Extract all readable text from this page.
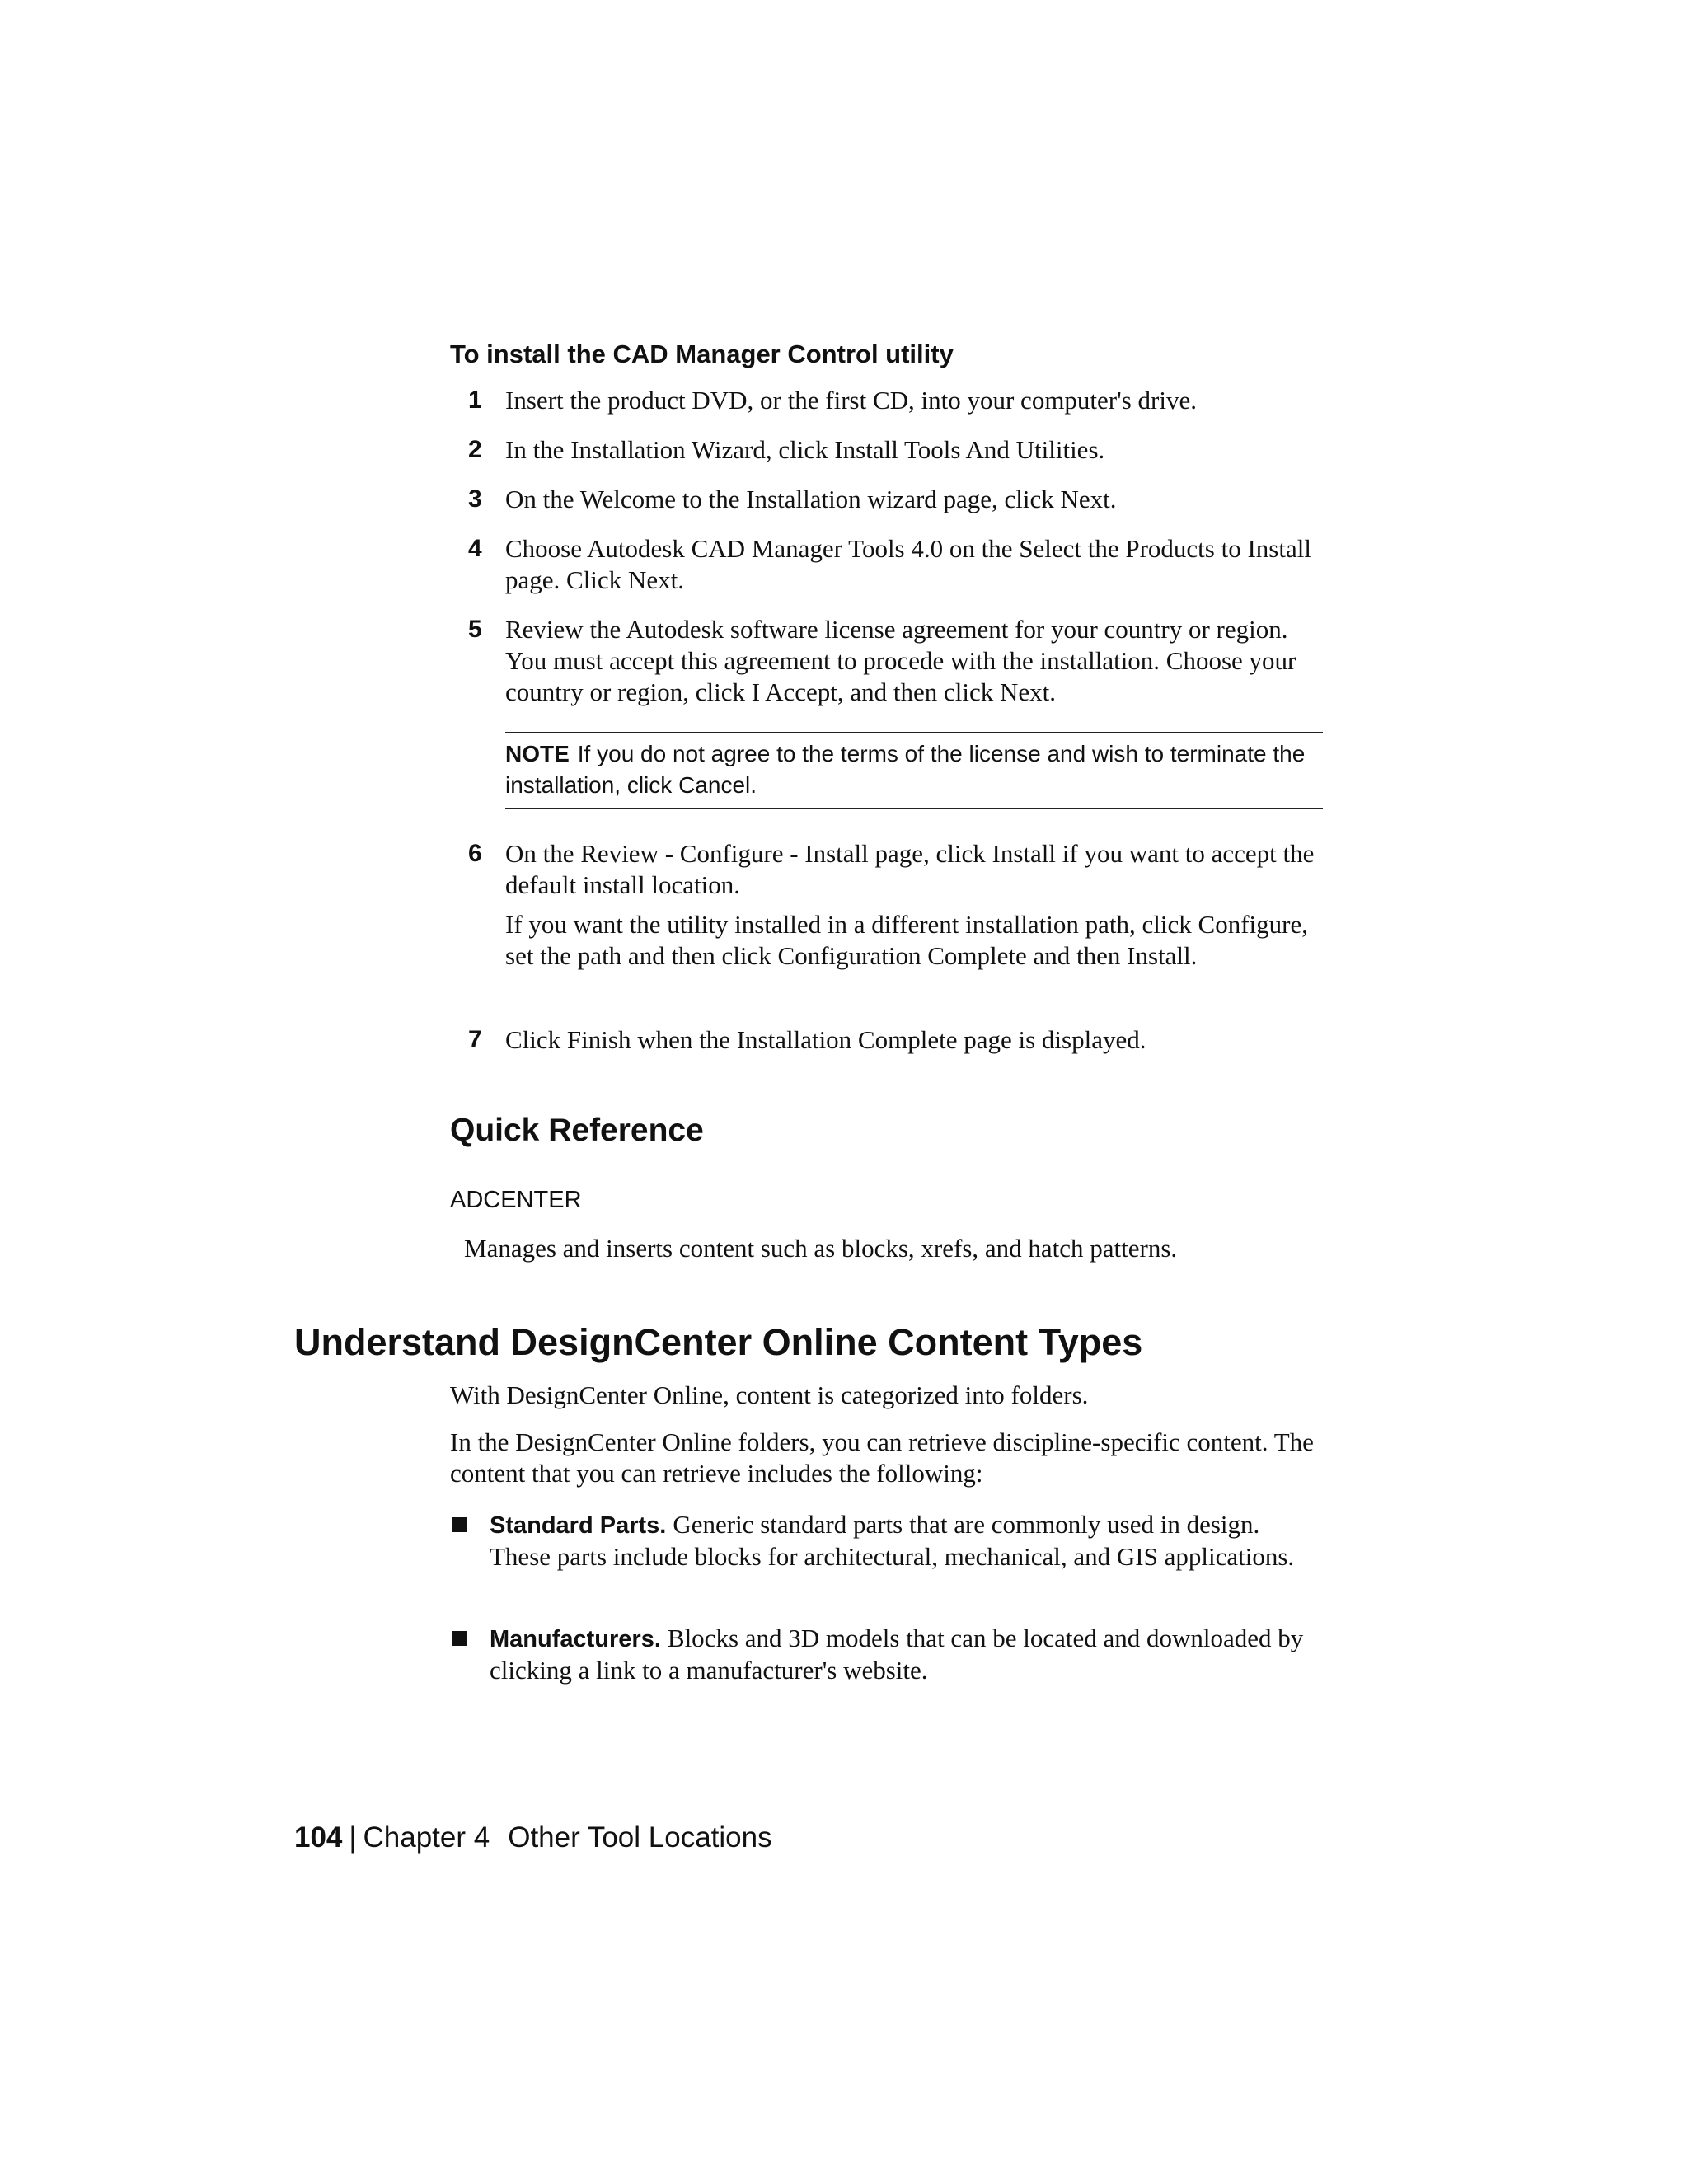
To install the CAD Manager Control utility
1 Insert the product DVD, or the first CD, into your computer's drive.
2 In the Installation Wizard, click Install Tools And Utilities.
3 On the Welcome to the Installation wizard page, click Next.
4 Choose Autodesk CAD Manager Tools 4.0 on the Select the Products to Install page. Click Next.
5 Review the Autodesk software license agreement for your country or region. You must accept this agreement to procede with the installation. Choose your country or region, click I Accept, and then click Next.
NOTE If you do not agree to the terms of the license and wish to terminate the installation, click Cancel.
6 On the Review - Configure - Install page, click Install if you want to accept the default install location.
If you want the utility installed in a different installation path, click Configure, set the path and then click Configuration Complete and then Install.
7 Click Finish when the Installation Complete page is displayed.
Quick Reference
ADCENTER
Manages and inserts content such as blocks, xrefs, and hatch patterns.
Understand DesignCenter Online Content Types
With DesignCenter Online, content is categorized into folders.
In the DesignCenter Online folders, you can retrieve discipline-specific content. The content that you can retrieve includes the following:
Standard Parts. Generic standard parts that are commonly used in design. These parts include blocks for architectural, mechanical, and GIS applications.
Manufacturers. Blocks and 3D models that can be located and downloaded by clicking a link to a manufacturer's website.
104 | Chapter 4 Other Tool Locations
